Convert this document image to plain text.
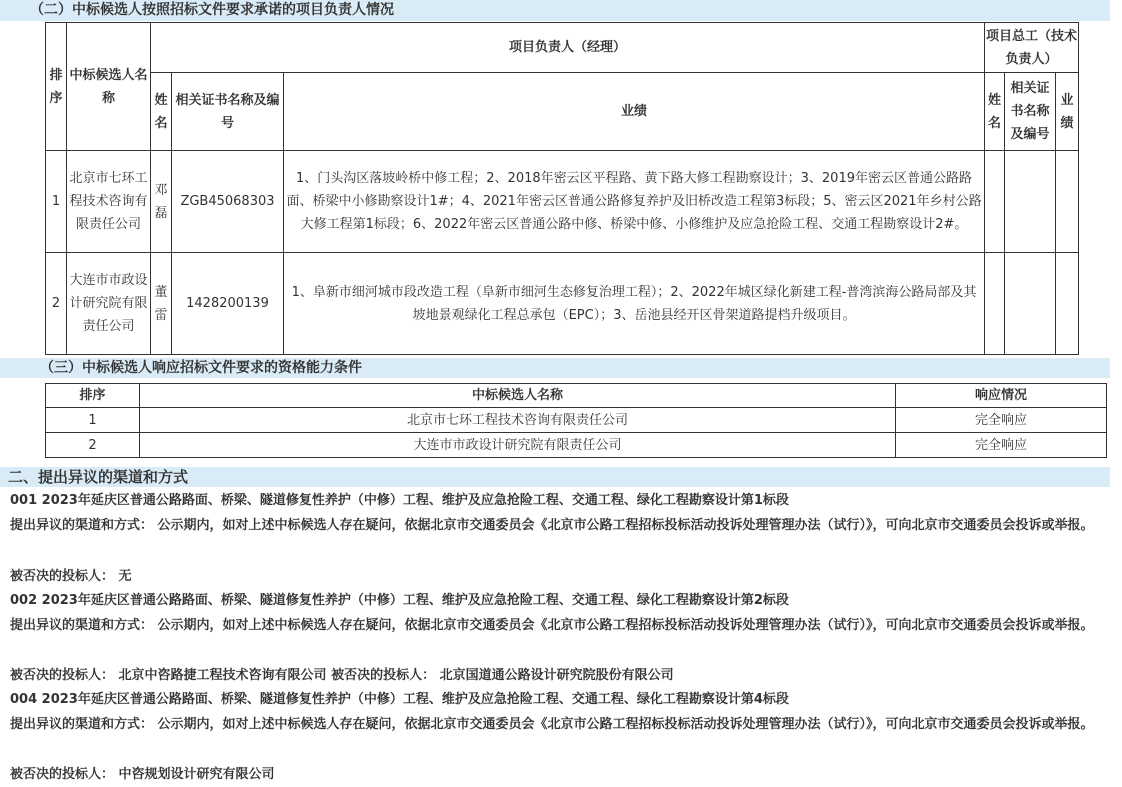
（二）中标候选人按照招标文件要求承诺的项目负责人情况
排序	中标候选人名称	项目负责人（经理）			项目总工（技术负责人）		
		姓名	相关证书名称及编号	业绩	姓名	相关证书名称及编号	业绩
1	北京市七环工程技术咨询有限责任公司	邓磊	ZGB45068303	1、门头沟区落坡岭桥中修工程；2、2018年密云区平程路、黄下路大修工程勘察设计；3、2019年密云区普通公路路面、桥梁中小修勘察设计1#；4、2021年密云区普通公路修复养护及旧桥改造工程第3标段；5、密云区2021年乡村公路大修工程第1标段；6、2022年密云区普通公路中修、桥梁中修、小修维护及应急抢险工程、交通工程勘察设计2#。			
2	大连市市政设计研究院有限责任公司	董雷	1428200139	1、阜新市细河城市段改造工程（阜新市细河生态修复治理工程）；2、2022年城区绿化新建工程-普湾滨海公路局部及其坡地景观绿化工程总承包（EPC）；3、岳池县经开区骨架道路提档升级项目。			
（三）中标候选人响应招标文件要求的资格能力条件
排序	中标候选人名称	响应情况
1	北京市七环工程技术咨询有限责任公司	完全响应
2	大连市市政设计研究院有限责任公司	完全响应
二、提出异议的渠道和方式
001 2023年延庆区普通公路路面、桥梁、隧道修复性养护（中修）工程、维护及应急抢险工程、交通工程、绿化工程勘察设计第1标段
提出异议的渠道和方式： 公示期内，如对上述中标候选人存在疑问，依据北京市交通委员会《北京市公路工程招标投标活动投诉处理管理办法（试行）》，可向北京市交通委员会投诉或举报。
被否决的投标人： 无
002 2023年延庆区普通公路路面、桥梁、隧道修复性养护（中修）工程、维护及应急抢险工程、交通工程、绿化工程勘察设计第2标段
提出异议的渠道和方式： 公示期内，如对上述中标候选人存在疑问，依据北京市交通委员会《北京市公路工程招标投标活动投诉处理管理办法（试行）》，可向北京市交通委员会投诉或举报。
被否决的投标人： 北京中咨路捷工程技术咨询有限公司 被否决的投标人： 北京国道通公路设计研究院股份有限公司
004 2023年延庆区普通公路路面、桥梁、隧道修复性养护（中修）工程、维护及应急抢险工程、交通工程、绿化工程勘察设计第4标段
提出异议的渠道和方式： 公示期内，如对上述中标候选人存在疑问，依据北京市交通委员会《北京市公路工程招标投标活动投诉处理管理办法（试行）》，可向北京市交通委员会投诉或举报。
被否决的投标人： 中咨规划设计研究有限公司
